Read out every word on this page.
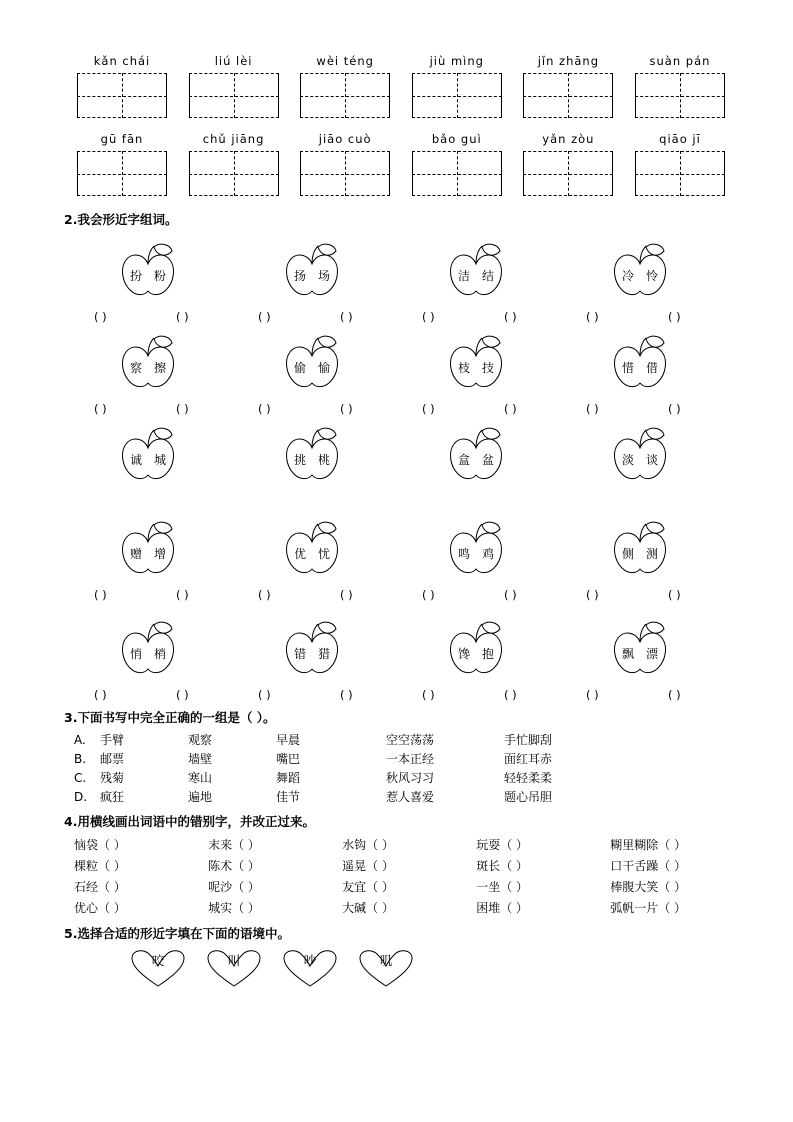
kǎn chái	liú lèi	wèi téng	jiù mìng	jǐn zhāng	suàn pán
gū fān	chǔ jiāng	jiāo cuò	bǎo guì	yǎn zòu	qiāo jī
2.我会形近字组词。
扮 粉	扬 场	洁 结	冷 怜
( )	( )	( )	( )	( )	( )	( )	( )
察 擦	偷 愉	枝 技	惜 借
( )	( )	( )	( )	( )	( )	( )	( )
诚 城	挑 桃	盒 盆	淡 谈
赠 增	优 忧	鸣 鸡	侧 测
( )	( )	( )	( )	( )	( )	( )	( )
悄 梢	错 猎	馋 抱	飘 漂
( )	( )	( )	( )	( )	( )	( )	( )
3.下面书写中完全正确的一组是（ ）。
A.	手臂	观察	早晨	空空荡荡	手忙脚刮
B.	邮票	墙壁	嘴巴	一本正经	面红耳赤
C.	残菊	寒山	舞蹈	秋风习习	轻轻柔柔
D.	疯狂	遍地	佳节	惹人喜爱	题心吊胆
4.用横线画出词语中的错别字，并改正过来。
恼袋（ ）	末来（ ）	水钩（ ）	玩耍（ ）	糊里糊除（ ）
棵粒（ ）	陈术（ ）	遥晃（ ）	斑长（ ）	口干舌躁（ ）
石经（ ）	呢沙（ ）	友宜（ ）	一坐（ ）	棒腹大笑（ ）
优心（ ）	城实（ ）	大碱（ ）	困堆（ ）	弧帆一片（ ）
5.选择合适的形近字填在下面的语境中。
咬	叫	吵	叽
